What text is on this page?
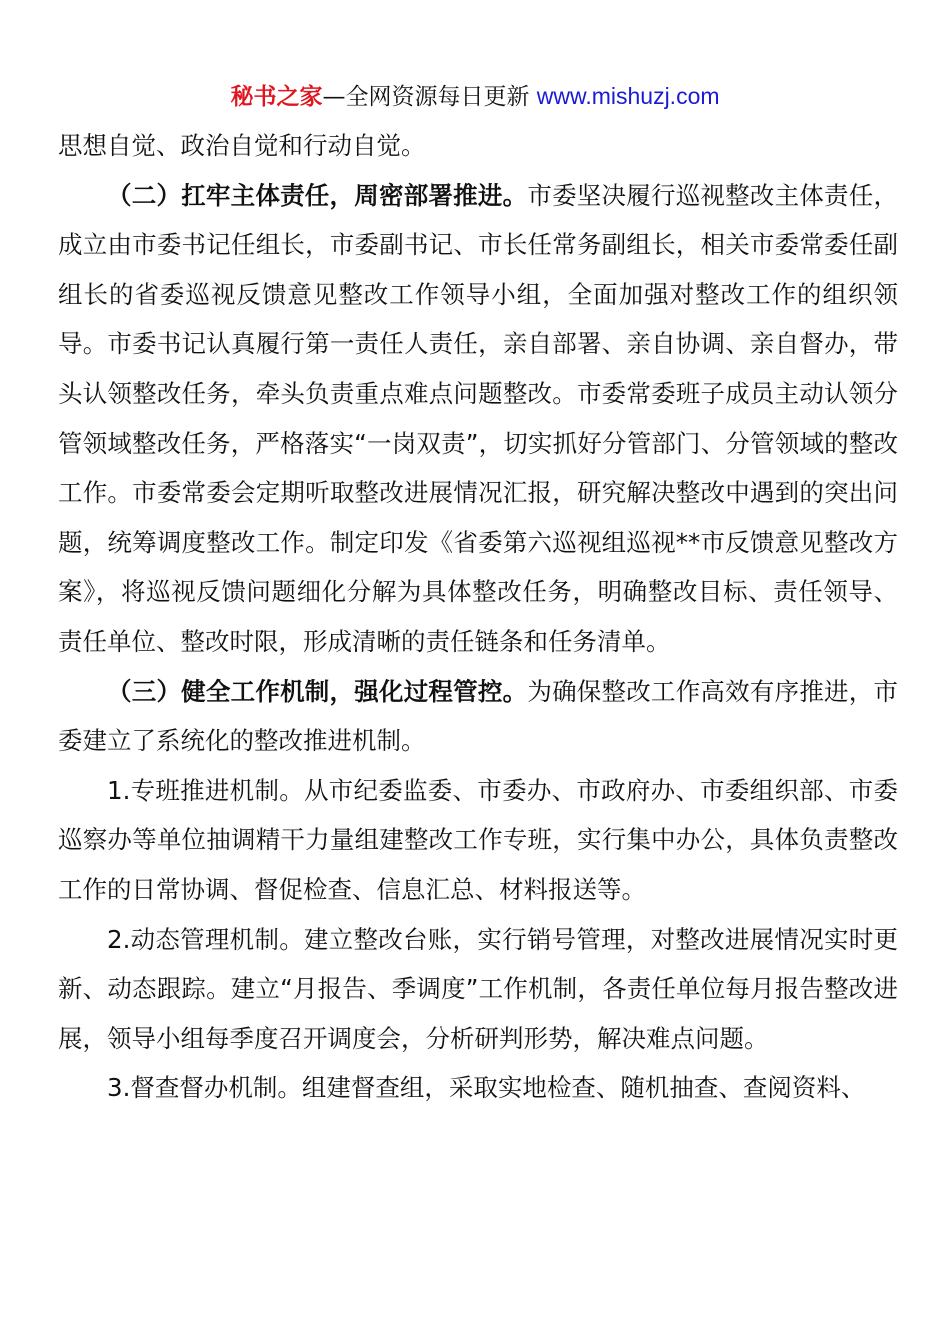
秘书之家—全网资源每日更新 www.mishuzj.com

思想自觉、政治自觉和行动自觉。

（二）扛牢主体责任，周密部署推进。市委坚决履行巡视整改主体责任，成立由市委书记任组长，市委副书记、市长任常务副组长，相关市委常委任副组长的省委巡视反馈意见整改工作领导小组，全面加强对整改工作的组织领导。市委书记认真履行第一责任人责任，亲自部署、亲自协调、亲自督办，带头认领整改任务，牵头负责重点难点问题整改。市委常委班子成员主动认领分管领域整改任务，严格落实“一岗双责”，切实抓好分管部门、分管领域的整改工作。市委常委会定期听取整改进展情况汇报，研究解决整改中遇到的突出问题，统筹调度整改工作。制定印发《省委第六巡视组巡视**市反馈意见整改方案》，将巡视反馈问题细化分解为具体整改任务，明确整改目标、责任领导、责任单位、整改时限，形成清晰的责任链条和任务清单。

（三）健全工作机制，强化过程管控。为确保整改工作高效有序推进，市委建立了系统化的整改推进机制。

1.专班推进机制。从市纪委监委、市委办、市政府办、市委组织部、市委巡察办等单位抽调精干力量组建整改工作专班，实行集中办公，具体负责整改工作的日常协调、督促检查、信息汇总、材料报送等。

2.动态管理机制。建立整改台账，实行销号管理，对整改进展情况实时更新、动态跟踪。建立“月报告、季调度”工作机制，各责任单位每月报告整改进展，领导小组每季度召开调度会，分析研判形势，解决难点问题。

3.督查督办机制。组建督查组，采取实地检查、随机抽查、查阅资料、
